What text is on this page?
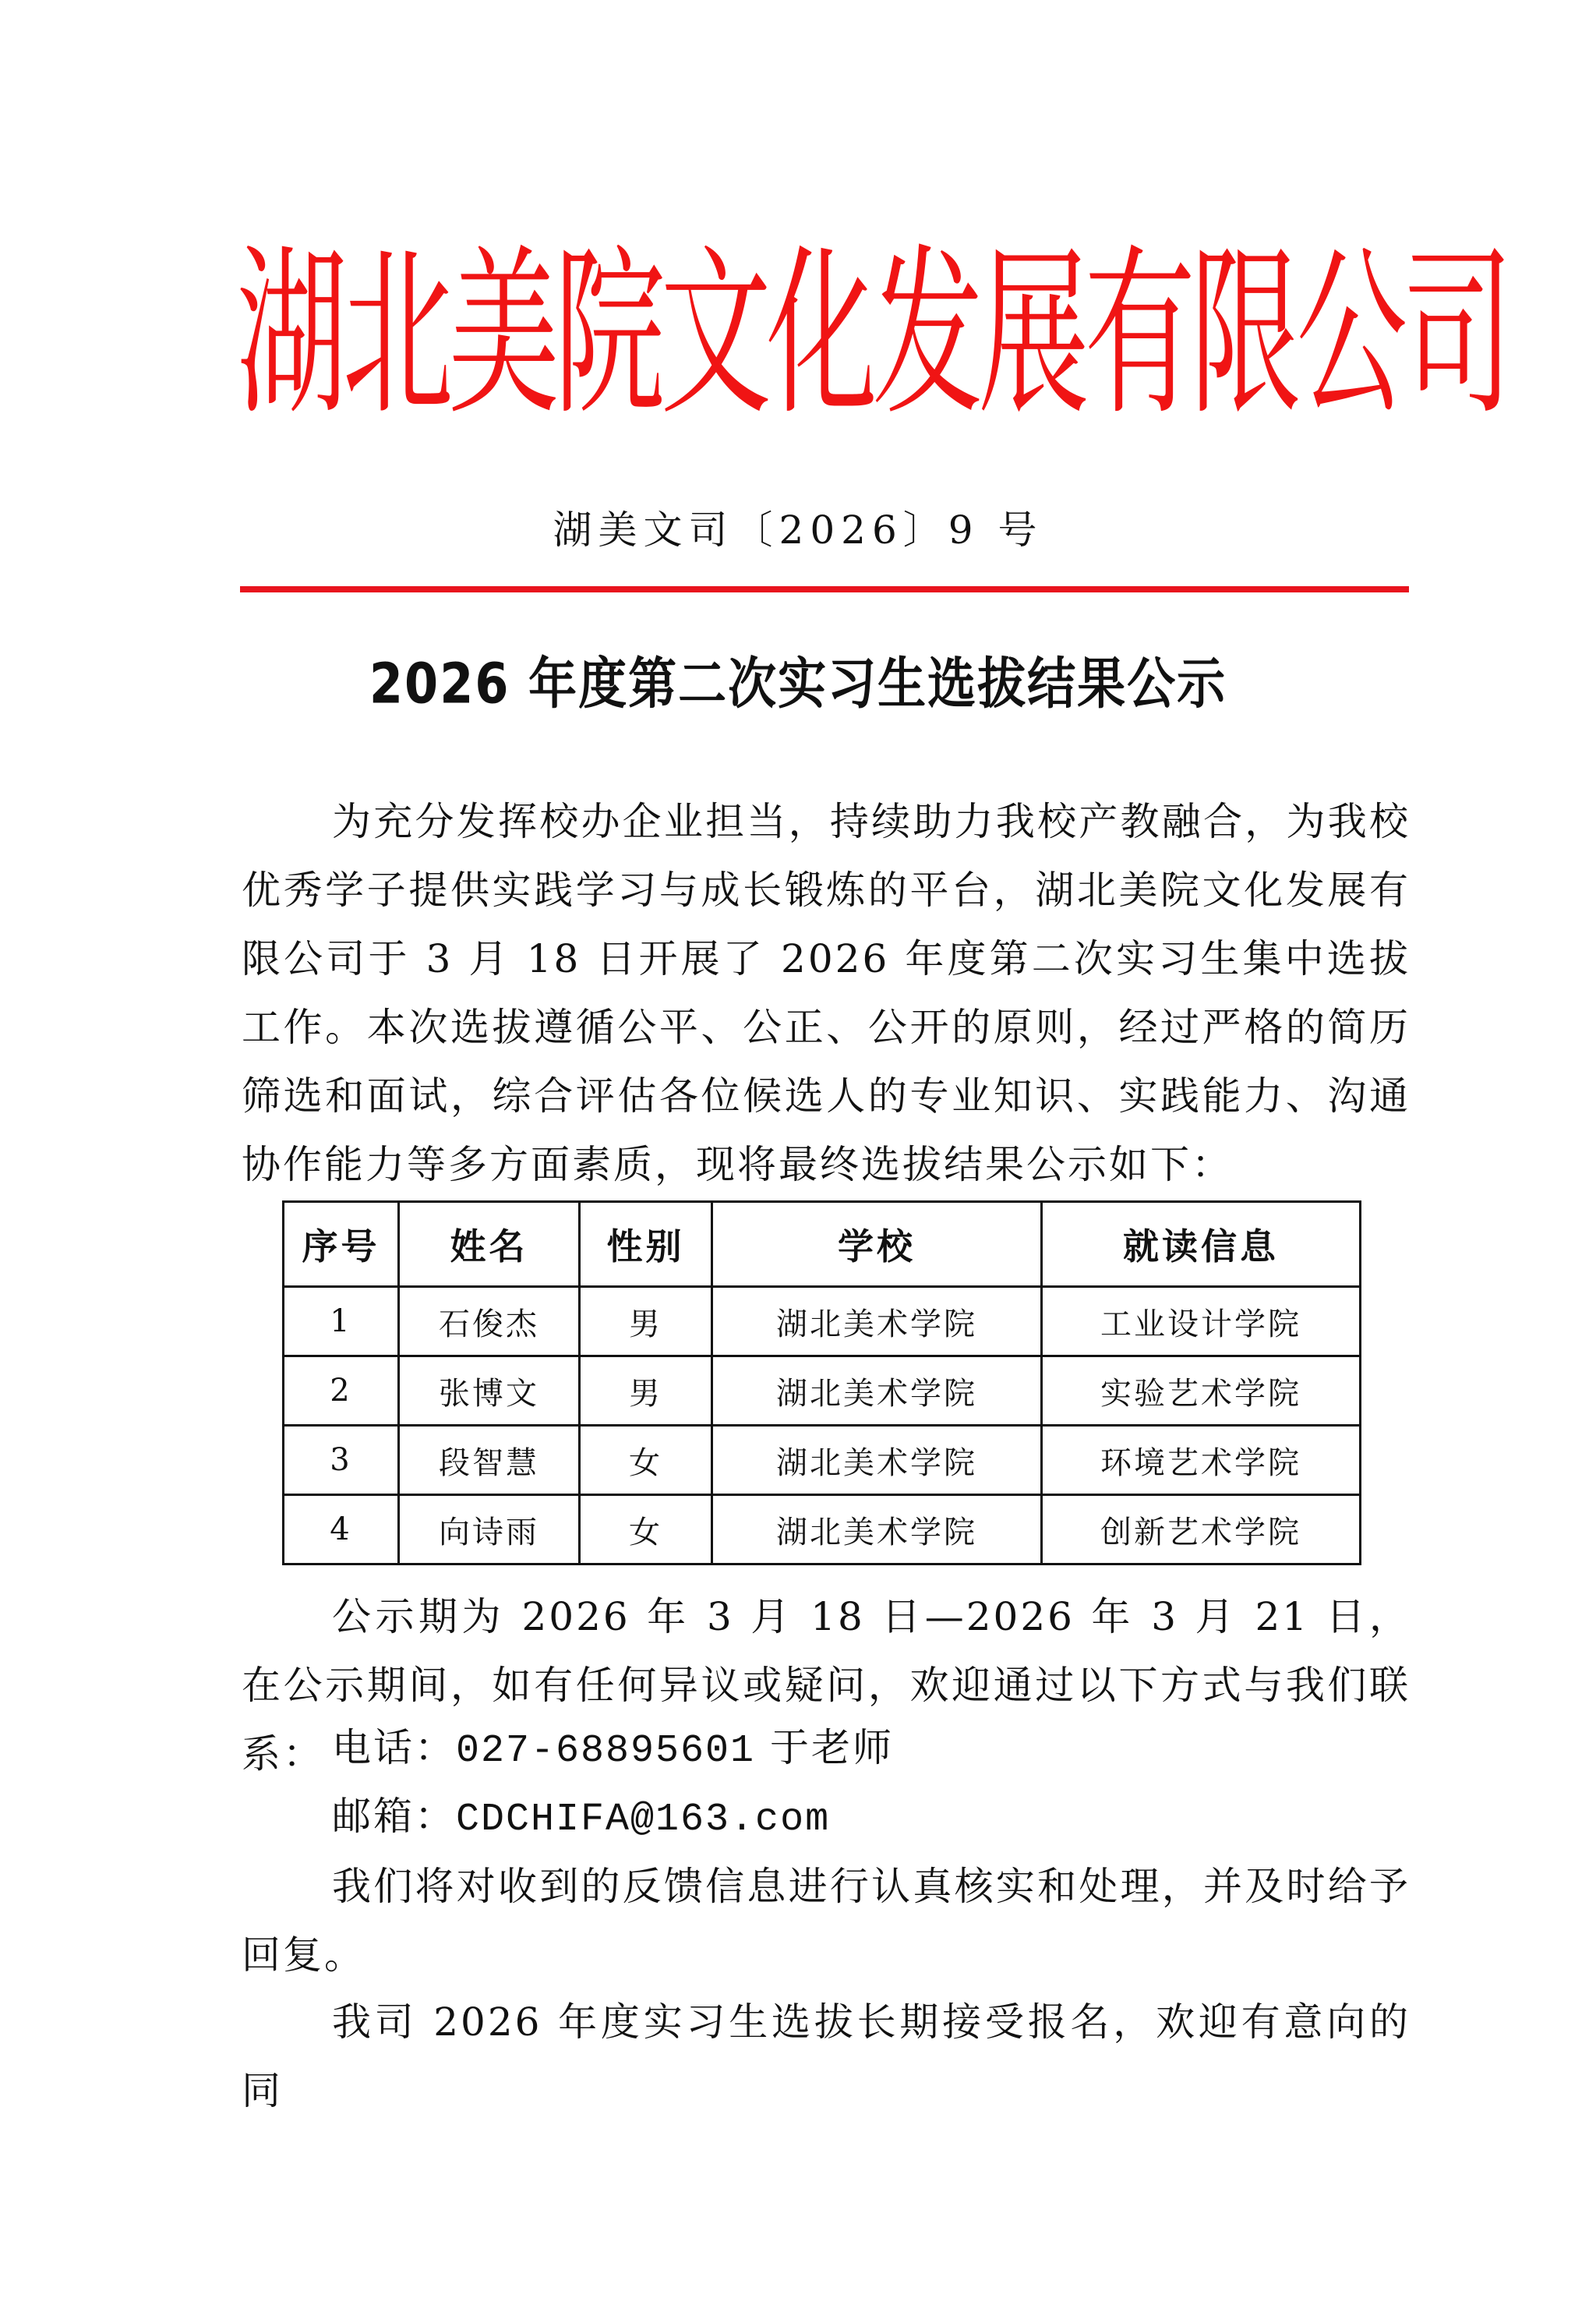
湖
北
美
院
文
化
发
展
有
限
公
司
湖美文司〔2026〕9 号
2026 年度第二次实习生选拔结果公示

为充分发挥校办企业担当，持续助力我校产教融合，为我校优秀学子提供实践学习与成长锻炼的平台，湖北美院文化发展有限公司于 3 月 18 日开展了 2026 年度第二次实习生集中选拔工作。本次选拔遵循公平、公正、公开的原则，经过严格的简历筛选和面试，综合评估各位候选人的专业知识、实践能力、沟通协作能力等多方面素质，现将最终选拔结果公示如下：

序号	姓名	性别	学校	就读信息
1	石俊杰	男	湖北美术学院	工业设计学院
2	张博文	男	湖北美术学院	实验艺术学院
3	段智慧	女	湖北美术学院	环境艺术学院
4	向诗雨	女	湖北美术学院	创新艺术学院

公示期为 2026 年 3 月 18 日—2026 年 3 月 21 日，在公示期间，如有任何异议或疑问，欢迎通过以下方式与我们联系： 电话：027-68895601 于老师
邮箱：CDCHIFA@163.com

我们将对收到的反馈信息进行认真核实和处理，并及时给予回复。

我司 2026 年度实习生选拔长期接受报名，欢迎有意向的同
